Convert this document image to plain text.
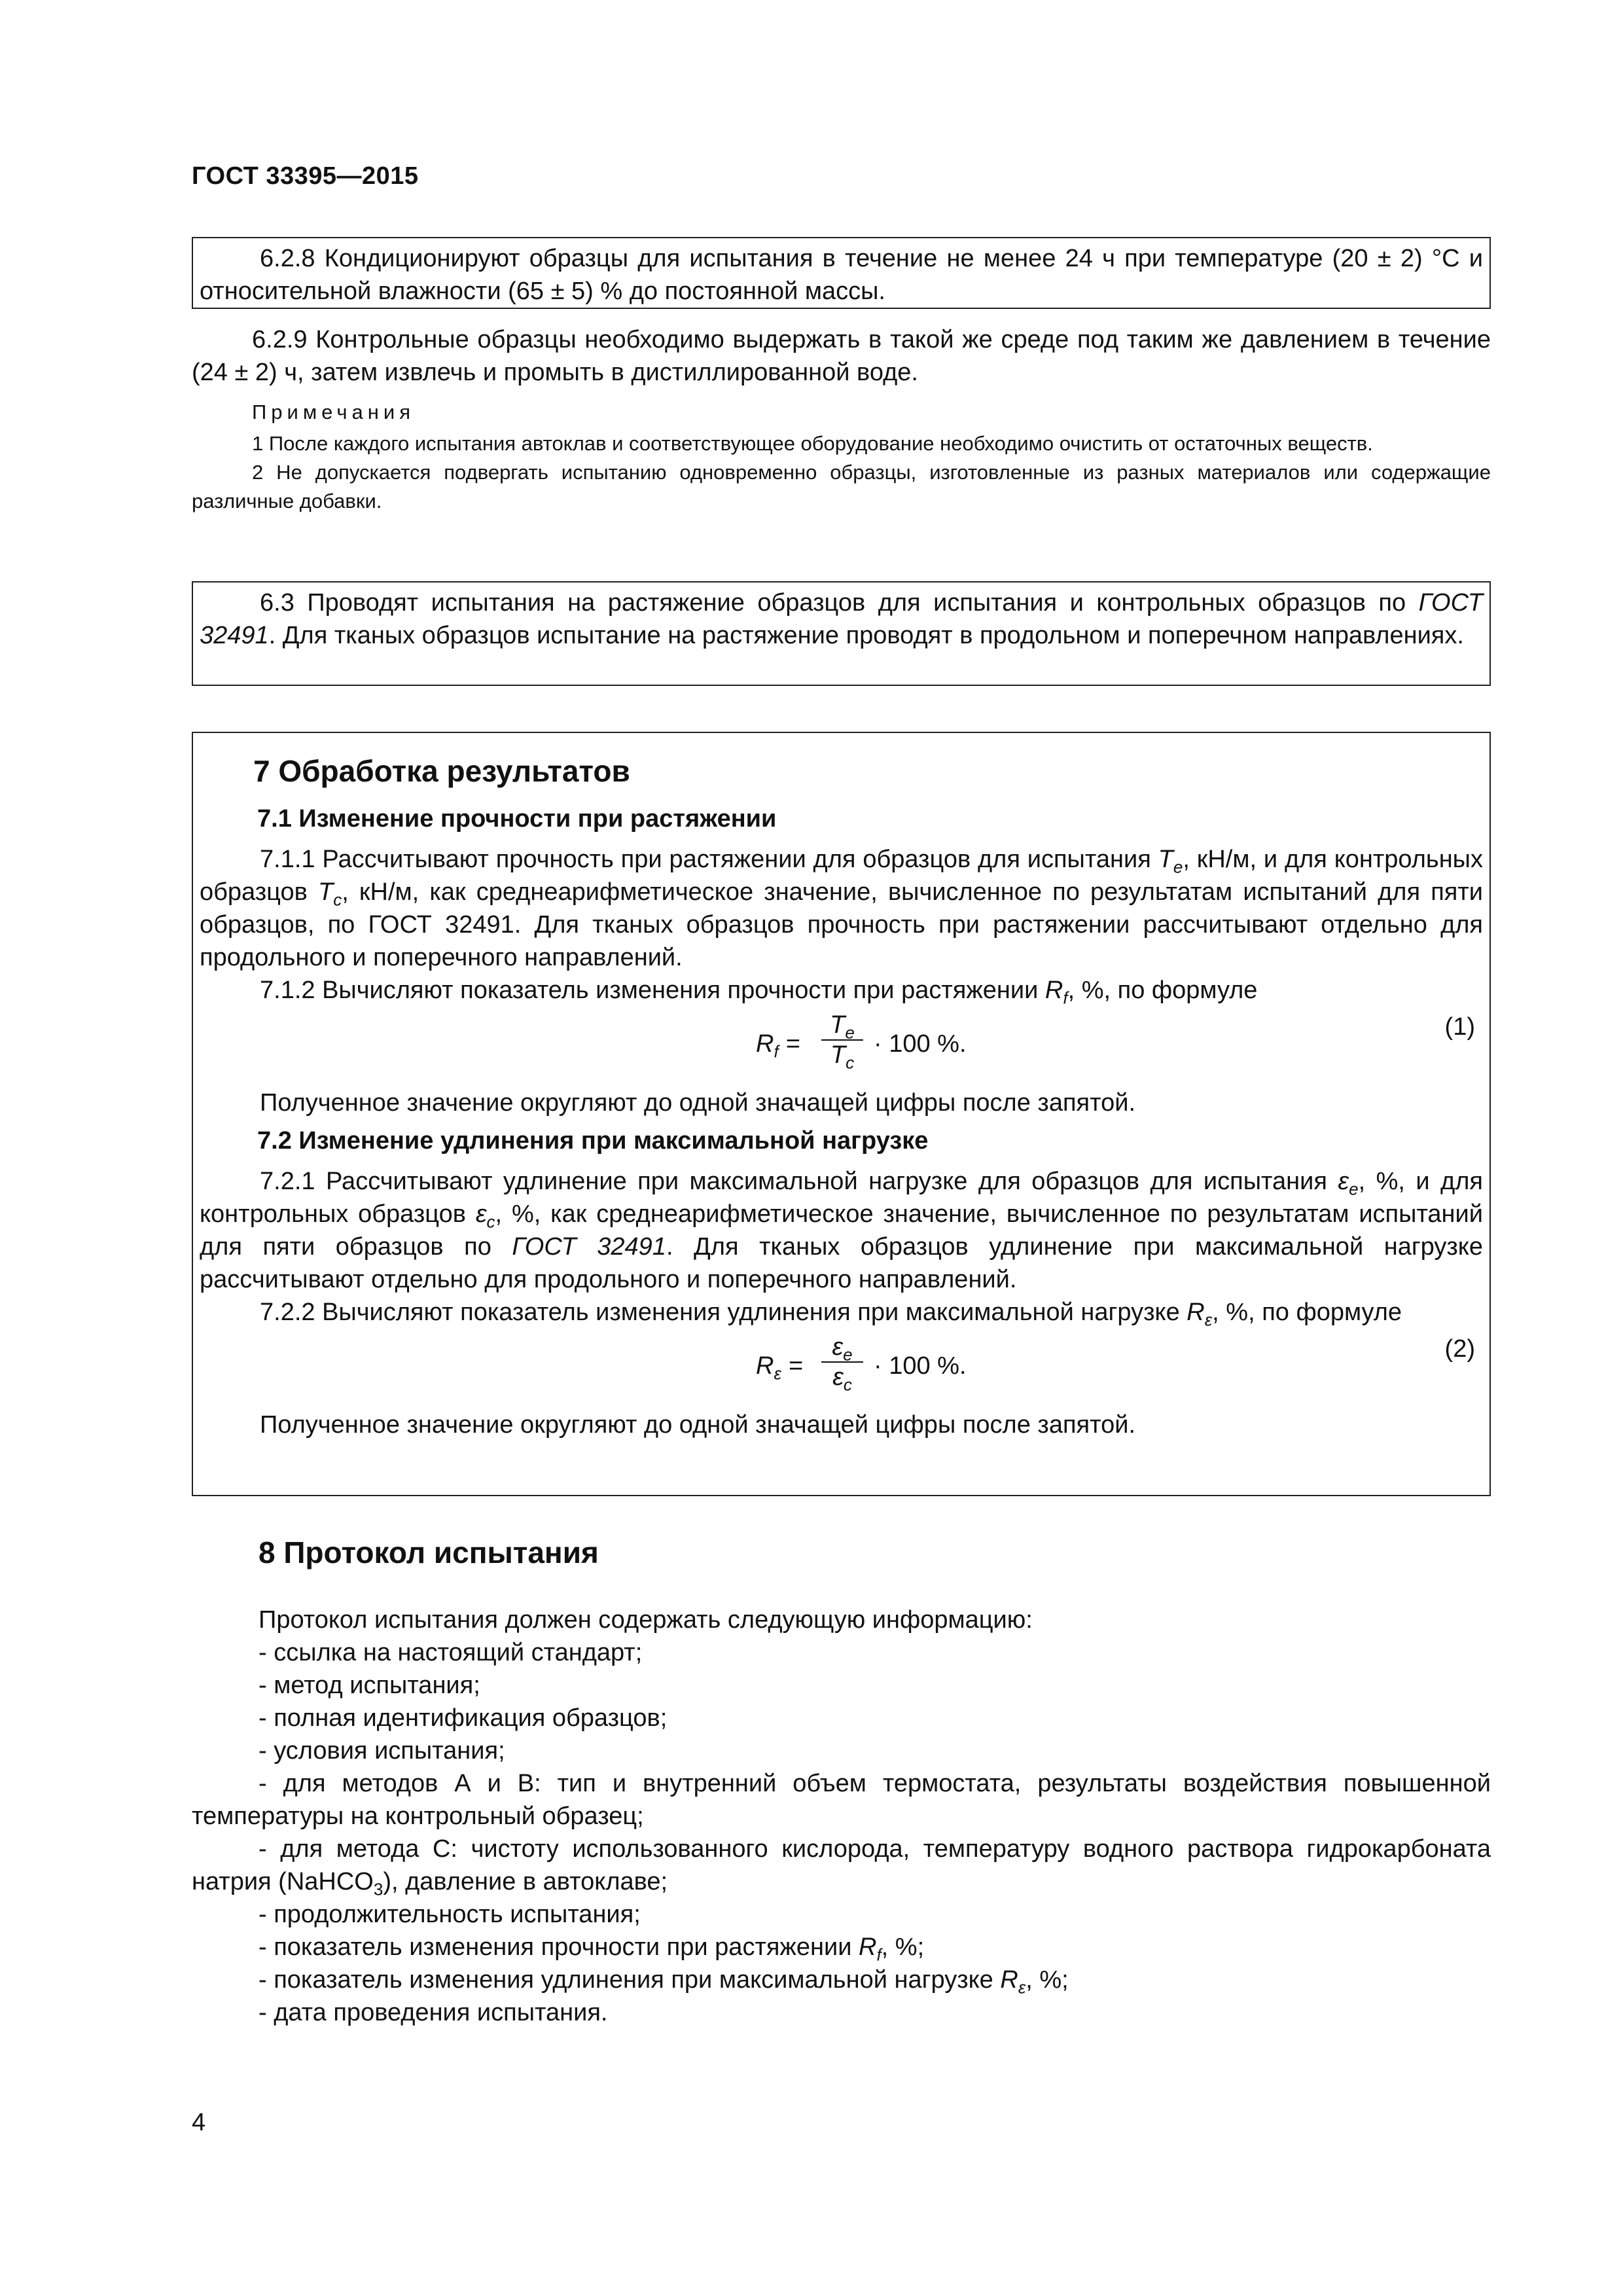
ГОСТ 33395—2015

6.2.8 Кондиционируют образцы для испытания в течение не менее 24 ч при температуре (20 ± 2) °С и относительной влажности (65 ± 5) % до постоянной массы.

6.2.9 Контрольные образцы необходимо выдержать в такой же среде под таким же давлением в течение (24 ± 2) ч, затем извлечь и промыть в дистиллированной воде.

Примечания

1 После каждого испытания автоклав и соответствующее оборудование необходимо очистить от остаточных веществ.

2 Не допускается подвергать испытанию одновременно образцы, изготовленные из разных материалов или содержащие различные добавки.

6.3 Проводят испытания на растяжение образцов для испытания и контрольных образцов по ГОСТ 32491. Для тканых образцов испытание на растяжение проводят в продольном и поперечном направлениях.

7 Обработка результатов

7.1 Изменение прочности при растяжении

7.1.1 Рассчитывают прочность при растяжении для образцов для испытания $T_e$, кН/м, и для контрольных образцов $T_c$, кН/м, как среднеарифметическое значение, вычисленное по результатам испытаний для пяти образцов, по ГОСТ 32491. Для тканых образцов прочность при растяжении рассчитывают отдельно для продольного и поперечного направлений.

7.1.2 Вычисляют показатель изменения прочности при растяжении $R_f$, %, по формуле

$R_f$ =
$T_e$
$T_c$
· 100 %.
(1)

Полученное значение округляют до одной значащей цифры после запятой.

7.2 Изменение удлинения при максимальной нагрузке

7.2.1 Рассчитывают удлинение при максимальной нагрузке для образцов для испытания $\varepsilon_e$, %, и для контрольных образцов $\varepsilon_c$, %, как среднеарифметическое значение, вычисленное по результатам испытаний для пяти образцов по ГОСТ 32491. Для тканых образцов удлинение при максимальной нагрузке рассчитывают отдельно для продольного и поперечного направлений.

7.2.2 Вычисляют показатель изменения удлинения при максимальной нагрузке $R_\varepsilon$, %, по формуле

$R_\varepsilon$ =
$\varepsilon_e$
$\varepsilon_c$
· 100 %.
(2)

Полученное значение округляют до одной значащей цифры после запятой.

8 Протокол испытания

Протокол испытания должен содержать следующую информацию:

- ссылка на настоящий стандарт;

- метод испытания;

- полная идентификация образцов;

- условия испытания;

- для методов А и В: тип и внутренний объем термостата, результаты воздействия повышенной температуры на контрольный образец;

- для метода С: чистоту использованного кислорода, температуру водного раствора гидрокарбоната натрия (NaHCO$_3$), давление в автоклаве;

- продолжительность испытания;

- показатель изменения прочности при растяжении $R_f$, %;

- показатель изменения удлинения при максимальной нагрузке $R_\varepsilon$, %;

- дата проведения испытания.

4
